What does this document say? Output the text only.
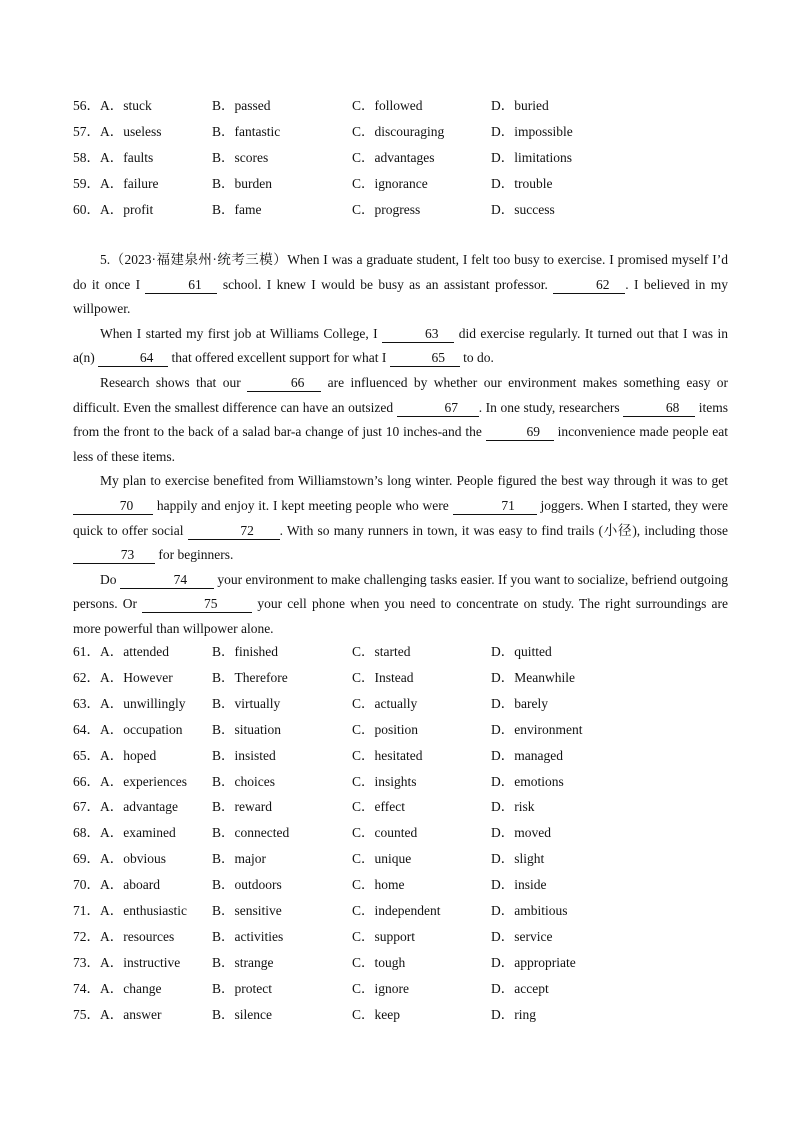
56．A．stuck	B．passed	C．followed	D．buried
57．A．useless	B．fantastic	C．discouraging	D．impossible
58．A．faults	B．scores	C．advantages	D．limitations
59．A．failure	B．burden	C．ignorance	D．trouble
60．A．profit	B．fame	C．progress	D．success

5.（2023·福建泉州·统考三模）When I was a graduate student, I felt too busy to exercise. I promised myself I’d do it once I	61 school. I knew I would be busy as an assistant professor.	62 . I believed in my willpower.

When I started my first job at Williams College, I	63 did exercise regularly. It turned out that I was in a(n)	64 that offered excellent support for what I	65 to do.

Research shows that our	66 are influenced by whether our environment makes something easy or difficult. Even the smallest difference can have an outsized	67 . In one study, researchers	68 items from the front to the back of a salad bar-a change of just 10 inches-and the	69 inconvenience made people eat less of these items.

My plan to exercise benefited from Williamstown’s long winter. People figured the best way through it was to get 70 happily and enjoy it. I kept meeting people who were	71 joggers. When I started, they were quick to offer social	72 . With so many runners in town, it was easy to find trails (小径), including those 73 for beginners.

Do	74 your environment to make challenging tasks easier. If you want to socialize, befriend outgoing persons. Or	75	your cell phone when you need to concentrate on study. The right surroundings are more powerful than willpower alone.

61．A．attended	B．finished	C．started	D．quitted
62．A．However	B．Therefore	C．Instead	D．Meanwhile
63．A．unwillingly B．virtually	C．actually	D．barely
64．A．occupation B．situation	C．position	D．environment
65．A．hoped	B．insisted	C．hesitated	D．managed
66．A．experiences B．choices	C．insights	D．emotions
67．A．advantage	B．reward	C．effect	D．risk
68．A．examined	B．connected	C．counted	D．moved
69．A．obvious	B．major	C．unique	D．slight
70．A．aboard	B．outdoors	C．home	D．inside
71．A．enthusiastic B．sensitive	C．independent	D．ambitious
72．A．resources	B．activities	C．support	D．service
73．A．instructive B．strange	C．tough	D．appropriate
74．A．change	B．protect	C．ignore	D．accept
75．A．answer	B．silence	C．keep	D．ring
